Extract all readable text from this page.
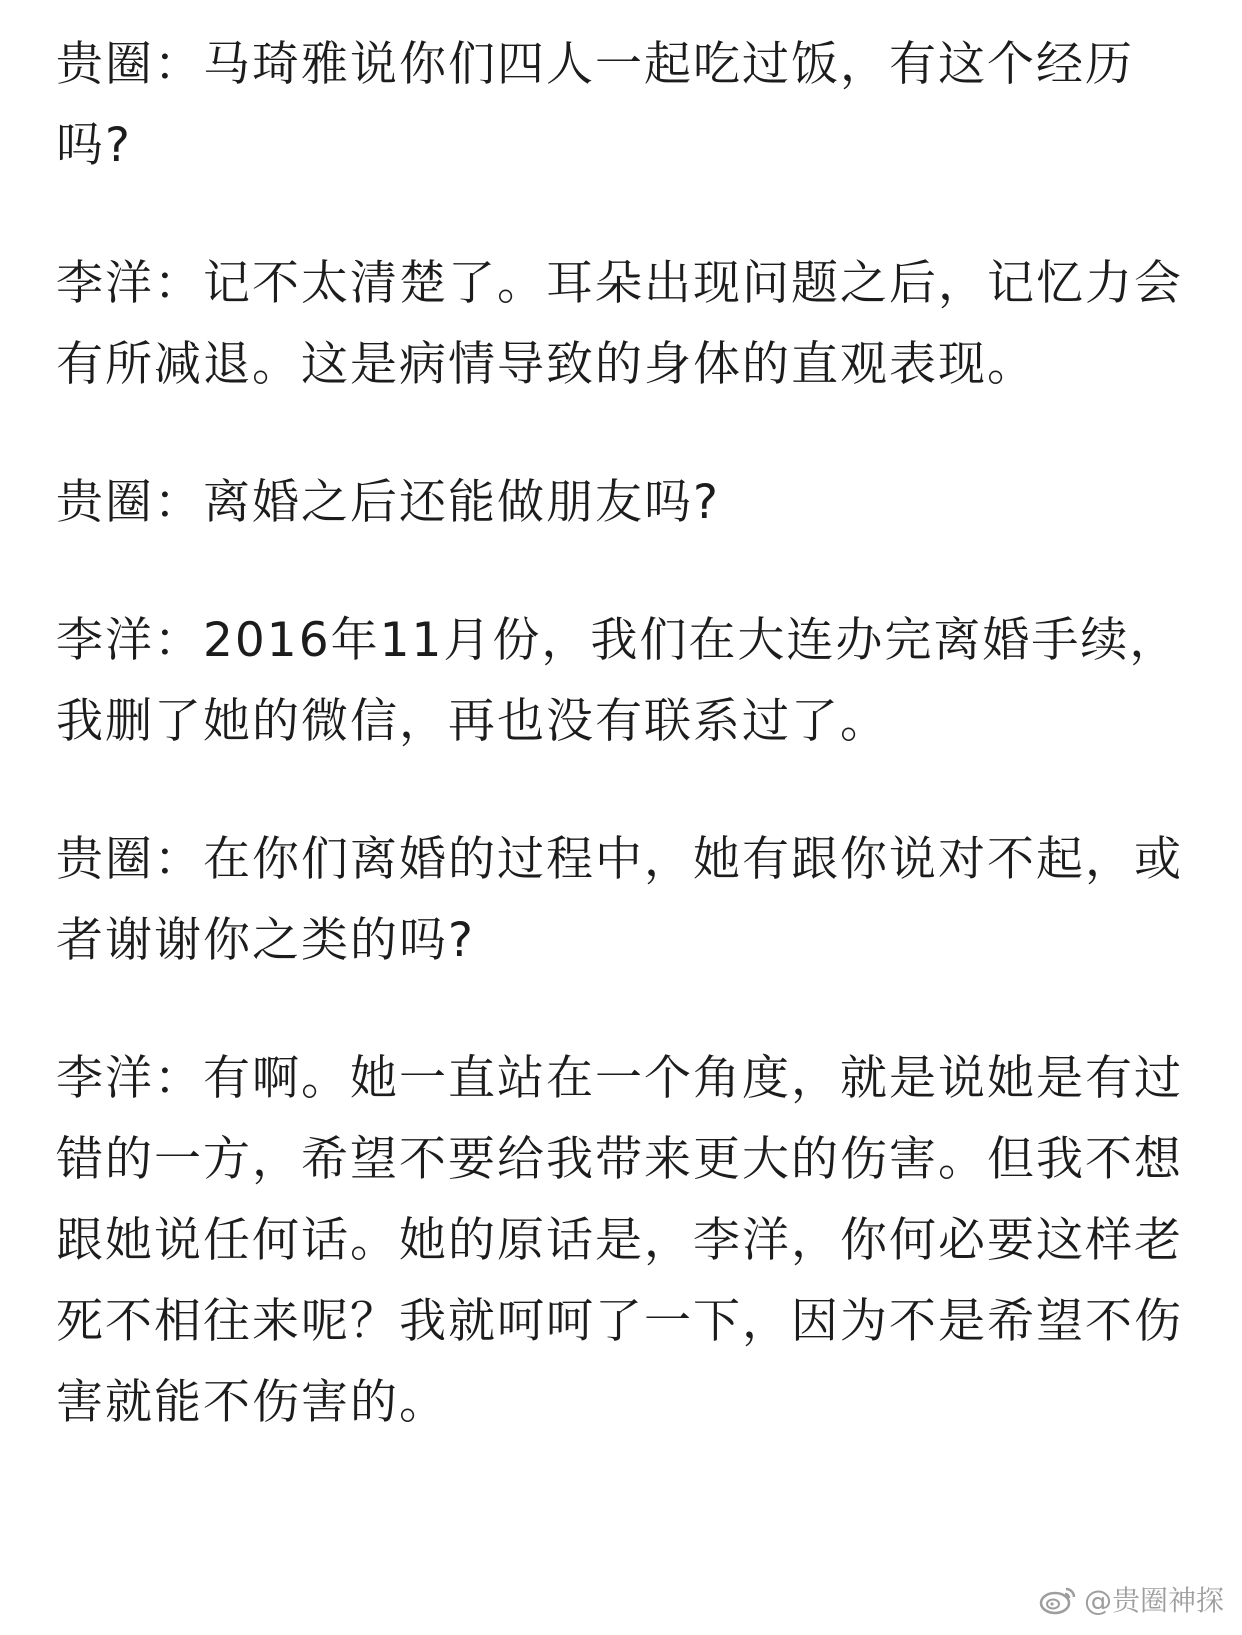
贵圈：马琦雅说你们四人一起吃过饭，有这个经历吗?

李洋：记不太清楚了。耳朵出现问题之后，记忆力会有所减退。这是病情导致的身体的直观表现。

贵圈：离婚之后还能做朋友吗?

李洋：2016年11月份，我们在大连办完离婚手续，我删了她的微信，再也没有联系过了。

贵圈：在你们离婚的过程中，她有跟你说对不起，或者谢谢你之类的吗?

李洋：有啊。她一直站在一个角度，就是说她是有过错的一方，希望不要给我带来更大的伤害。但我不想跟她说任何话。她的原话是，李洋，你何必要这样老死不相往来呢？我就呵呵了一下，因为不是希望不伤害就能不伤害的。

@贵圈神探
